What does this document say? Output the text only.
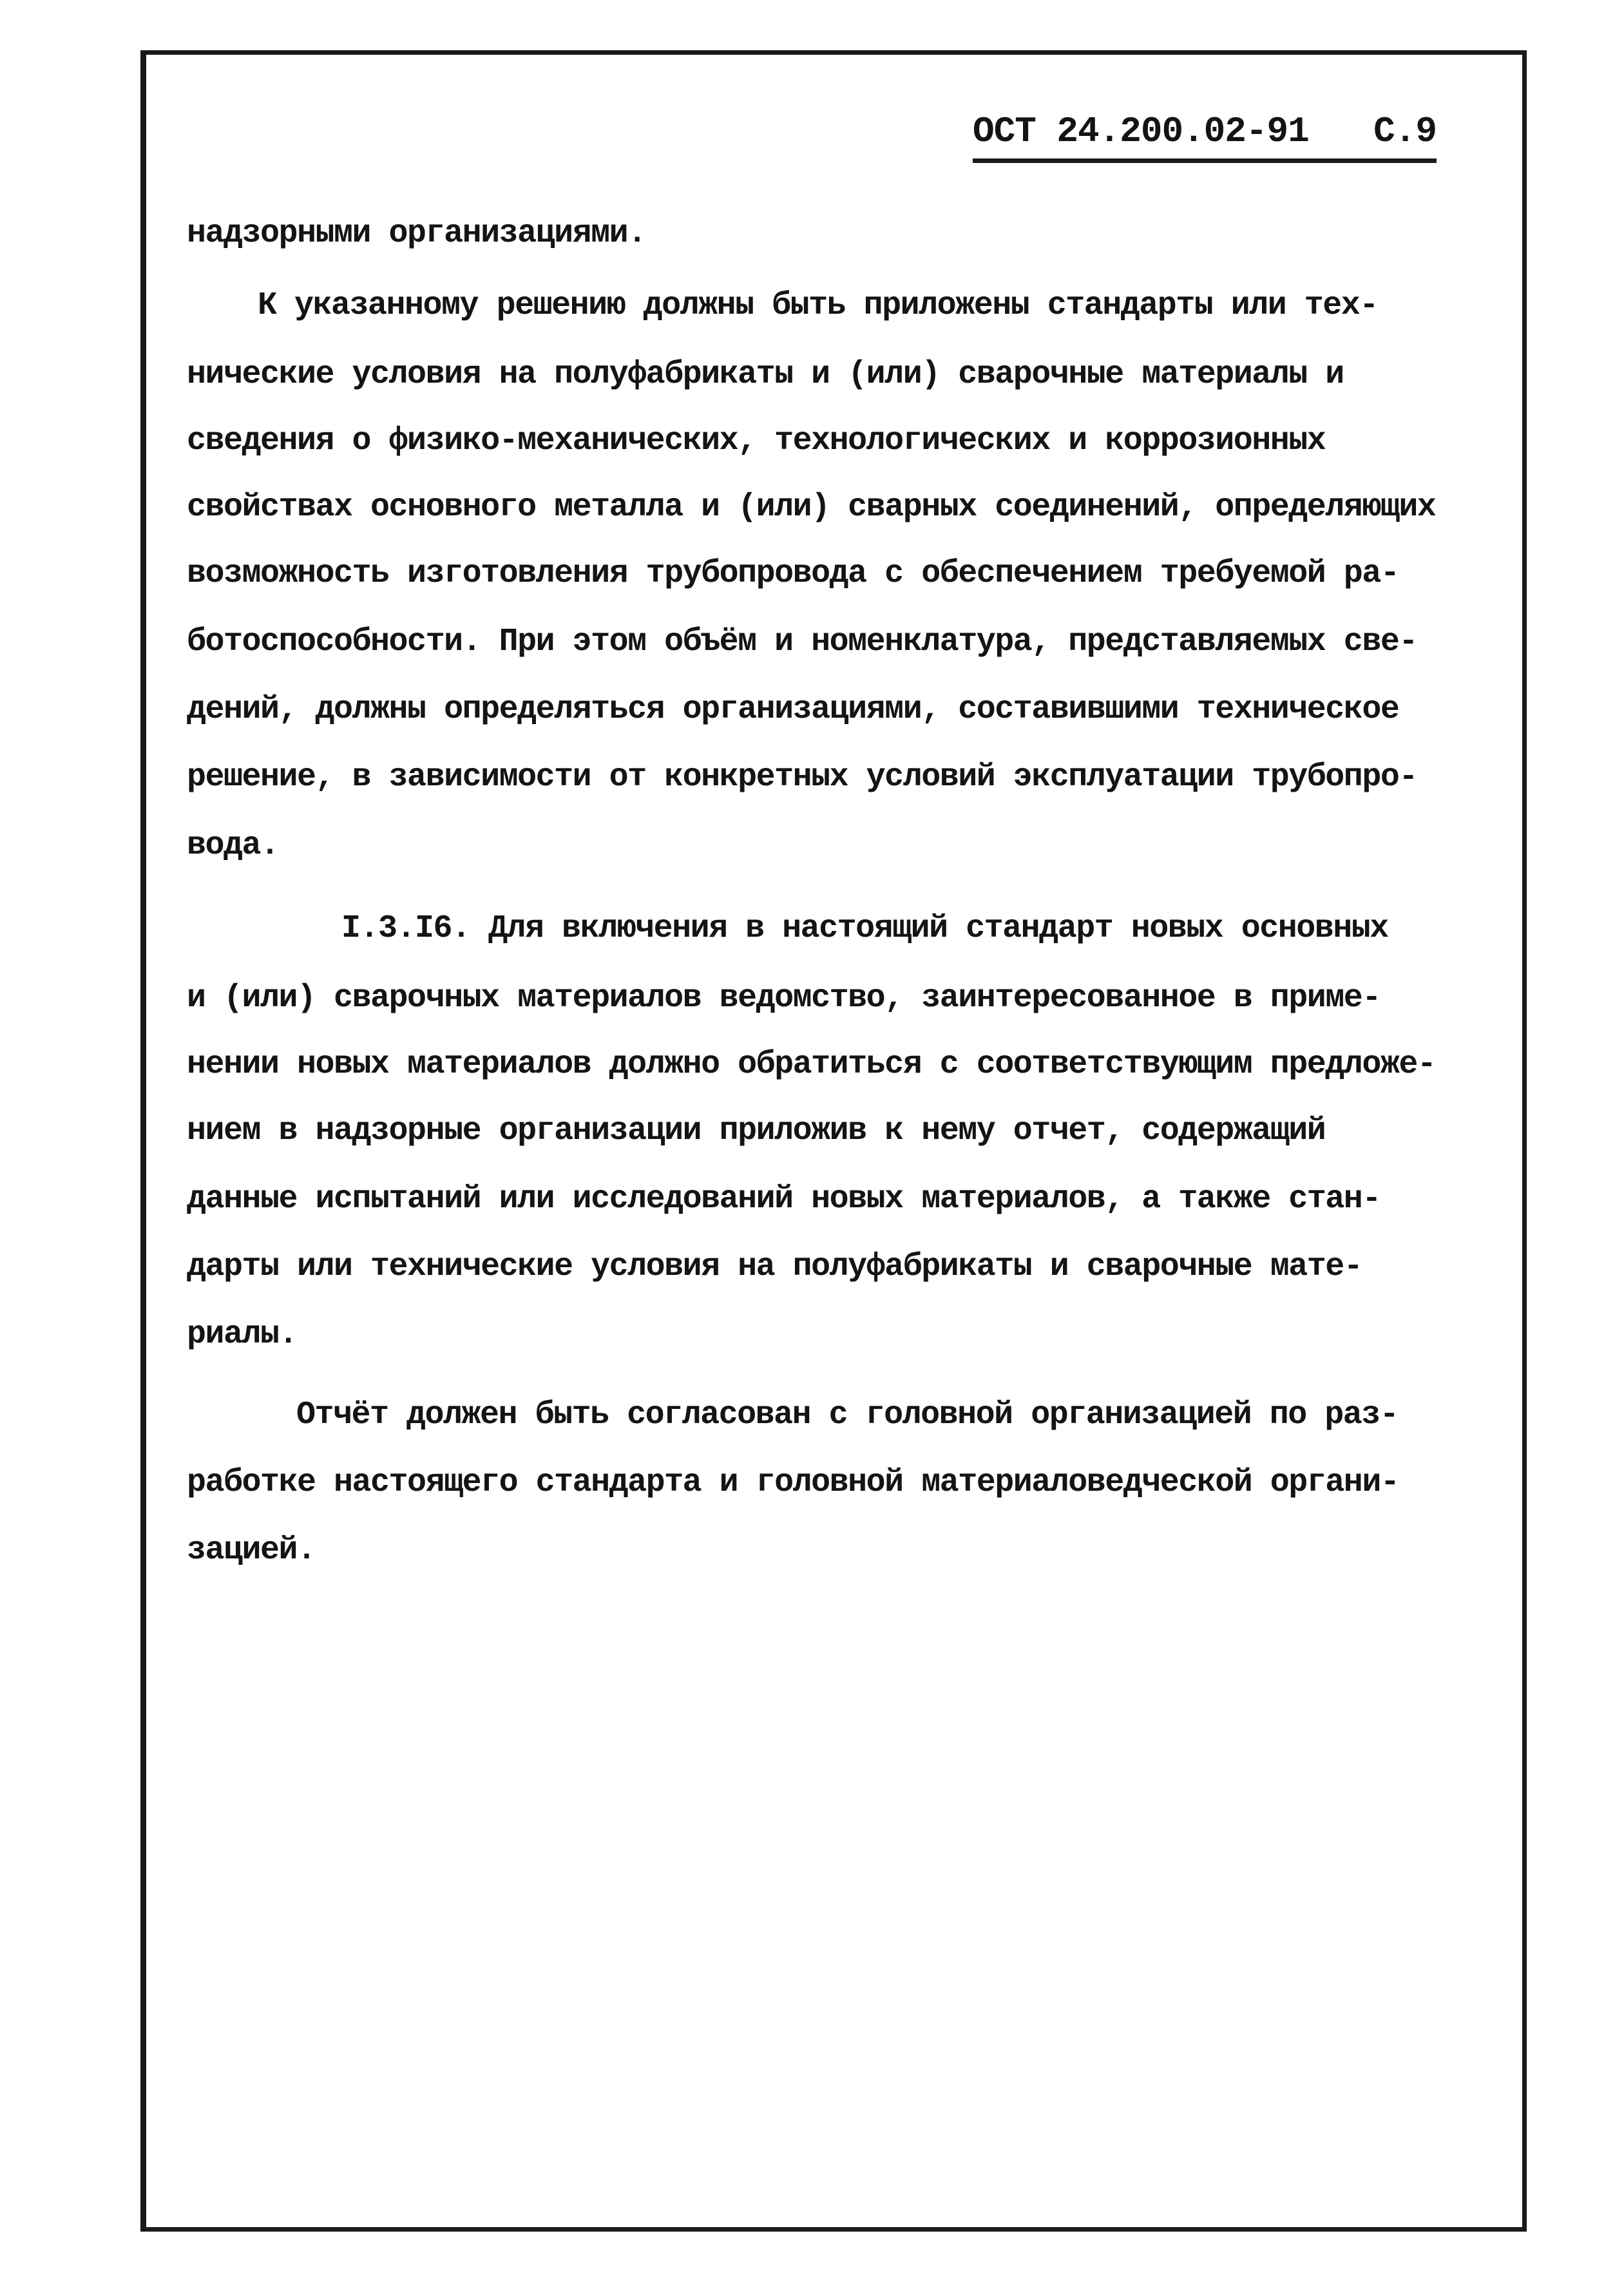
ОСТ 24.200.02-91 С.9
надзорными организациями.
К указанному решению должны быть приложены стандарты или тех-
нические условия на полуфабрикаты и (или) сварочные материалы и
сведения о физико-механических, технологических и коррозионных
свойствах основного металла и (или) сварных соединений, определяющих
возможность изготовления трубопровода с обеспечением требуемой ра-
ботоспособности. При этом объём и номенклатура, представляемых све-
дений, должны определяться организациями, составившими техническое
решение, в зависимости от конкретных условий эксплуатации трубопро-
вода.
I.3.I6. Для включения в настоящий стандарт новых основных
и (или) сварочных материалов ведомство, заинтересованное в приме-
нении новых материалов должно обратиться с соответствующим предложе-
нием в надзорные организации приложив к нему отчет, содержащий
данные испытаний или исследований новых материалов, а также стан-
дарты или технические условия на полуфабрикаты и сварочные мате-
риалы.
Отчёт должен быть согласован с головной организацией по раз-
работке настоящего стандарта и головной материаловедческой органи-
зацией.
